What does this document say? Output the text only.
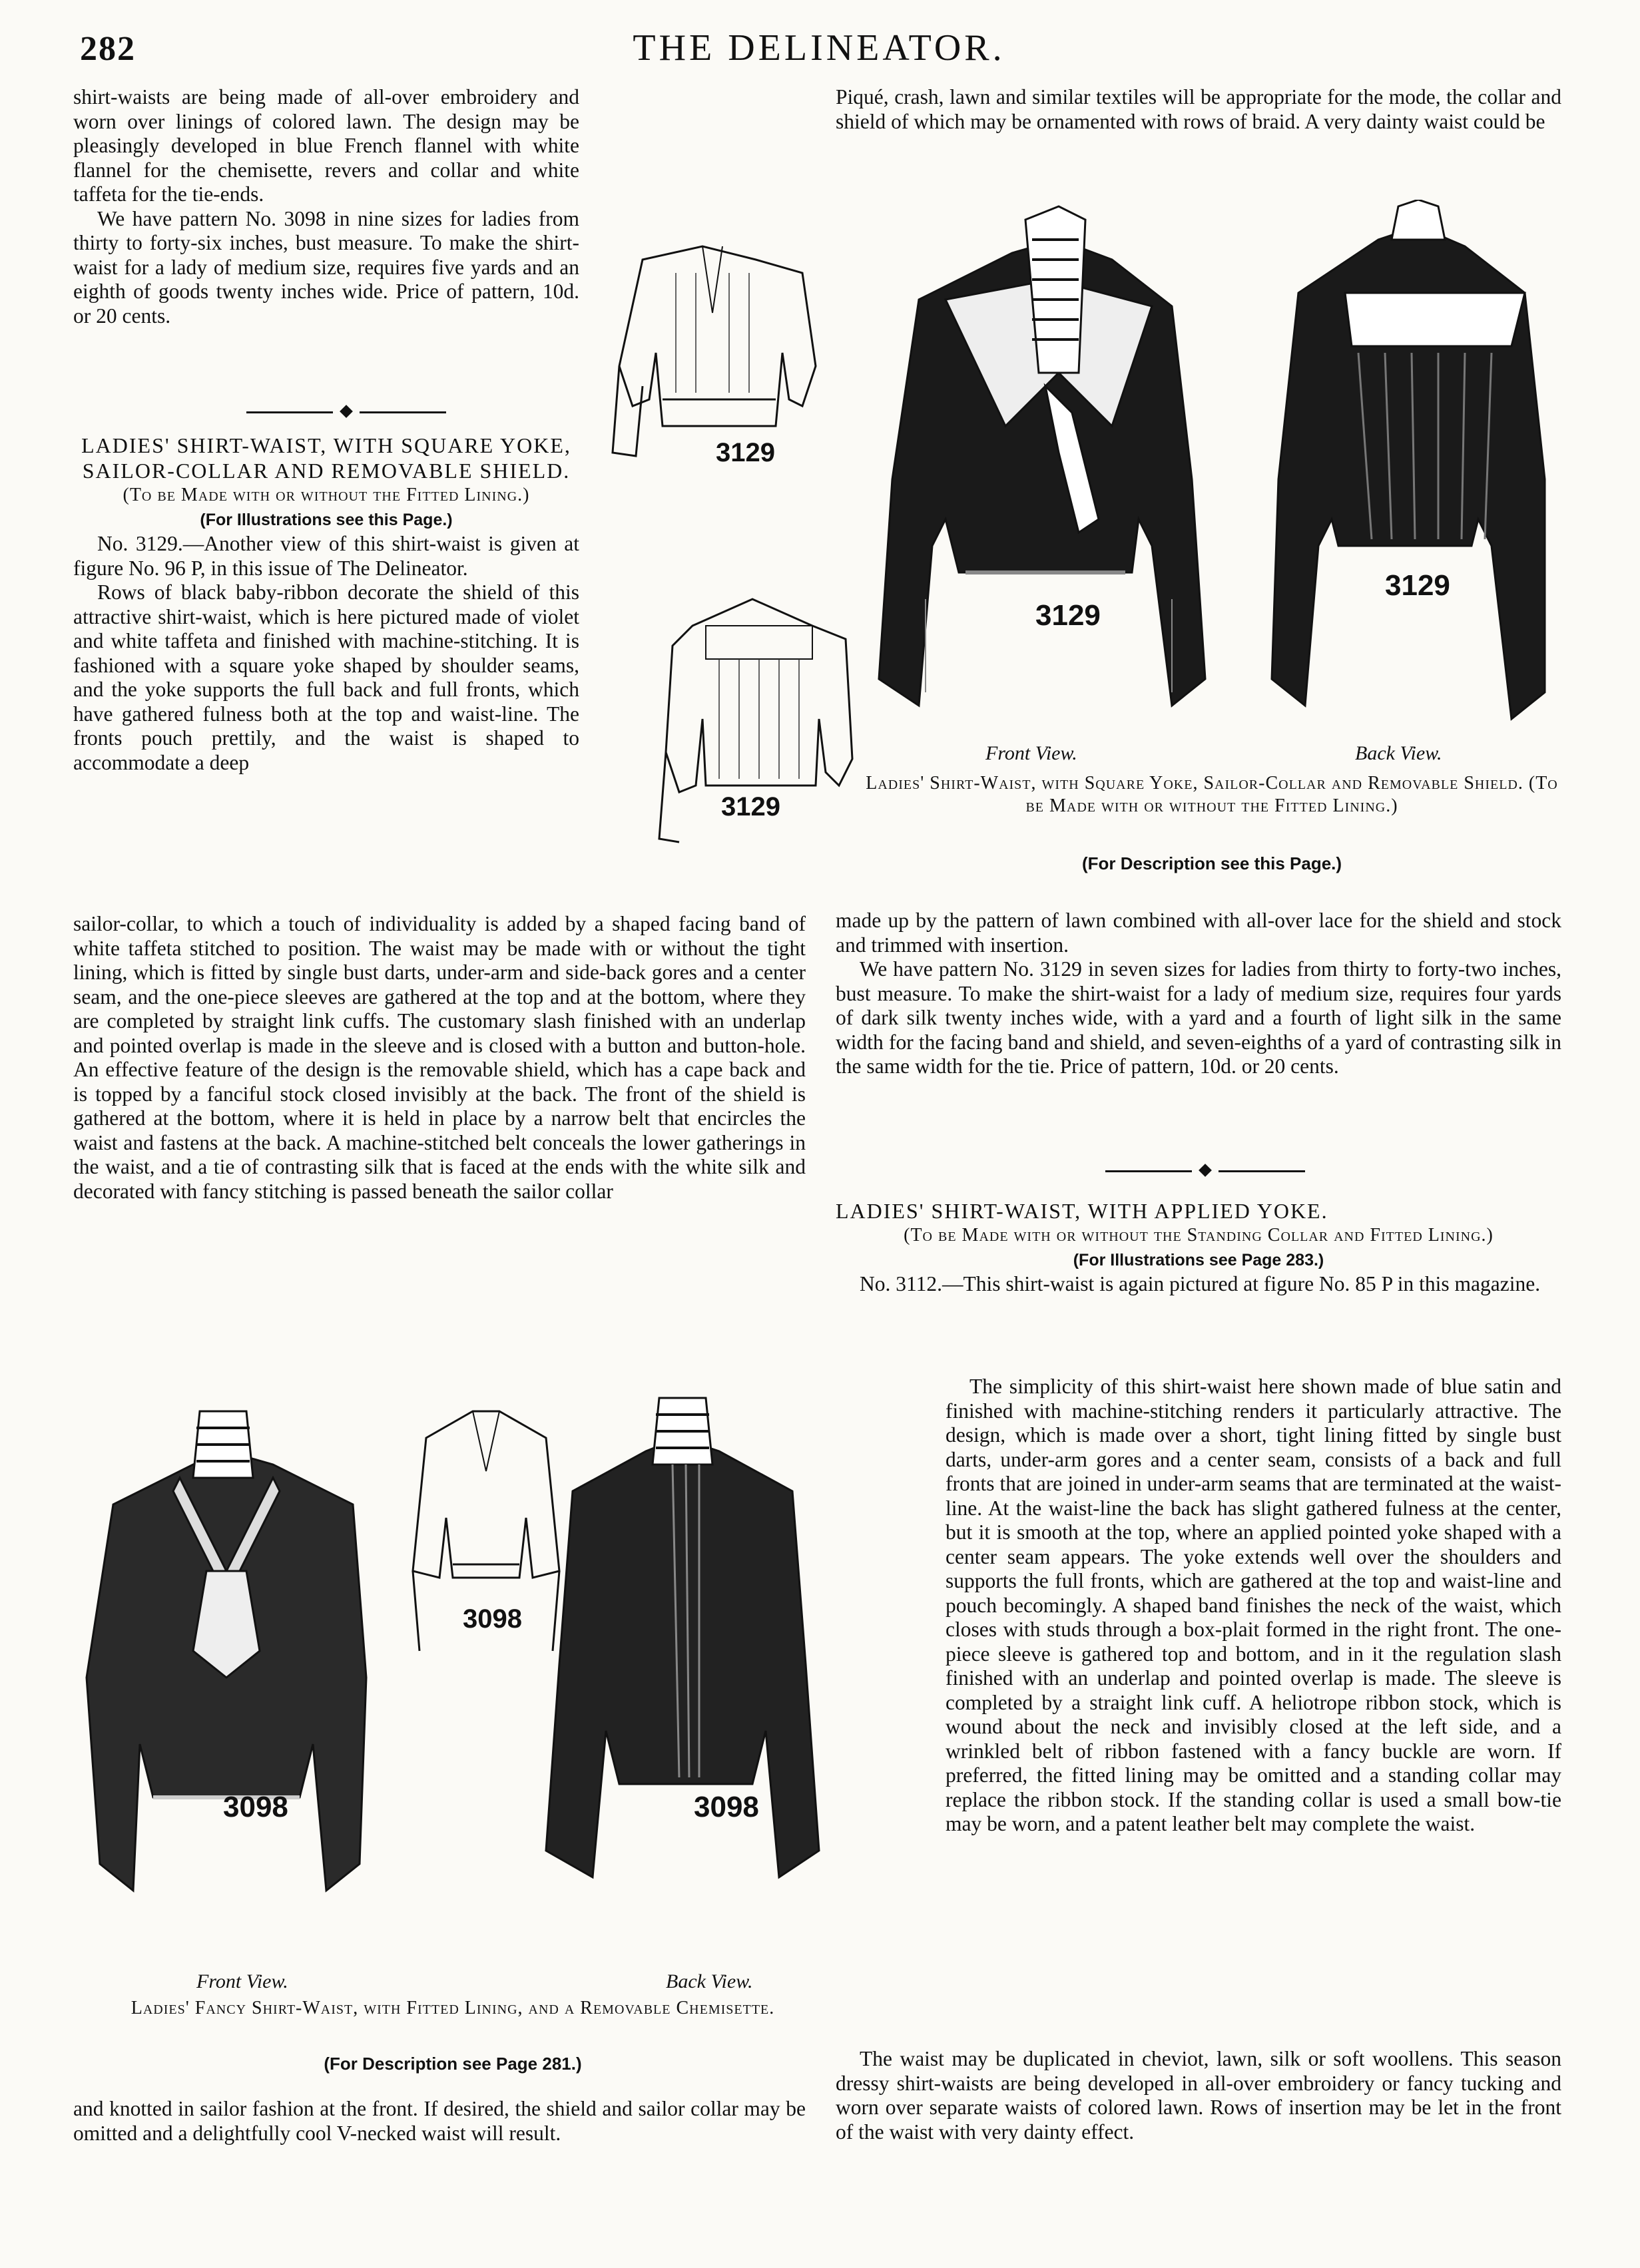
282	THE DELINEATOR.

shirt-waists are being made of all-over embroidery and worn over linings of colored lawn. The design may be pleasingly developed in blue French flannel with white flannel for the chemisette, revers and collar and white taffeta for the tie-ends.

We have pattern No. 3098 in nine sizes for ladies from thirty to forty-six inches, bust measure. To make the shirt-waist for a lady of medium size, requires five yards and an eighth of goods twenty inches wide. Price of pattern, 10d. or 20 cents.

LADIES' SHIRT-WAIST, WITH SQUARE YOKE, SAILOR-COLLAR AND REMOVABLE SHIELD.

(To be Made with or without the Fitted Lining.)

(For Illustrations see this Page.)

No. 3129.—Another view of this shirt-waist is given at figure No. 96 P, in this issue of The Delineator.

Rows of black baby-ribbon decorate the shield of this attractive shirt-waist, which is here pictured made of violet and white taffeta and finished with machine-stitching. It is fashioned with a square yoke shaped by shoulder seams, and the yoke supports the full back and full fronts, which have gathered fulness both at the top and waist-line. The fronts pouch prettily, and the waist is shaped to accommodate a deep

sailor-collar, to which a touch of individuality is added by a shaped facing band of white taffeta stitched to position. The waist may be made with or without the tight lining, which is fitted by single bust darts, under-arm and side-back gores and a center seam, and the one-piece sleeves are gathered at the top and at the bottom, where they are completed by straight link cuffs. The customary slash finished with an underlap and pointed overlap is made in the sleeve and is closed with a button and button-hole. An effective feature of the design is the removable shield, which has a cape back and is topped by a fanciful stock closed invisibly at the back. The front of the shield is gathered at the bottom, where it is held in place by a narrow belt that encircles the waist and fastens at the back. A machine-stitched belt conceals the lower gatherings in the waist, and a tie of contrasting silk that is faced at the ends with the white silk and decorated with fancy stitching is passed beneath the sailor collar

and knotted in sailor fashion at the front. If desired, the shield and sailor collar may be omitted and a delightfully cool V-necked waist will result.

3129
3129

Piqué, crash, lawn and similar textiles will be appropriate for the mode, the collar and shield of which may be ornamented with rows of braid. A very dainty waist could be

3129
3129
Front View.	Back View.
Ladies' Shirt-Waist, with Square Yoke, Sailor-Collar and Removable Shield. (To be Made with or without the Fitted Lining.)
(For Description see this Page.)

made up by the pattern of lawn combined with all-over lace for the shield and stock and trimmed with insertion.

We have pattern No. 3129 in seven sizes for ladies from thirty to forty-two inches, bust measure. To make the shirt-waist for a lady of medium size, requires four yards of dark silk twenty inches wide, with a yard and a fourth of light silk in the same width for the facing band and shield, and seven-eighths of a yard of contrasting silk in the same width for the tie. Price of pattern, 10d. or 20 cents.

LADIES' SHIRT-WAIST, WITH APPLIED YOKE.

(To be Made with or without the Standing Collar and Fitted Lining.)

(For Illustrations see Page 283.)

No. 3112.—This shirt-waist is again pictured at figure No. 85 P in this magazine.

The simplicity of this shirt-waist here shown made of blue satin and finished with machine-stitching renders it particularly attractive. The design, which is made over a short, tight lining fitted by single bust darts, under-arm gores and a center seam, consists of a back and full fronts that are joined in under-arm seams that are terminated at the waist-line. At the waist-line the back has slight gathered fulness at the center, but it is smooth at the top, where an applied pointed yoke shaped with a center seam appears. The yoke extends well over the shoulders and supports the full fronts, which are gathered at the top and waist-line and pouch becomingly. A shaped band finishes the neck of the waist, which closes with studs through a box-plait formed in the right front. The one-piece sleeve is gathered top and bottom, and in it the regulation slash finished with an underlap and pointed overlap is made. The sleeve is completed by a straight link cuff. A heliotrope ribbon stock, which is wound about the neck and invisibly closed at the left side, and a wrinkled belt of ribbon fastened with a fancy buckle are worn. If preferred, the fitted lining may be omitted and a standing collar may replace the ribbon stock. If the standing collar is used a small bow-tie may be worn, and a patent leather belt may complete the waist.

The waist may be duplicated in cheviot, lawn, silk or soft woollens. This season dressy shirt-waists are being developed in all-over embroidery or fancy tucking and worn over separate waists of colored lawn. Rows of insertion may be let in the front of the waist with very dainty effect.

3098
3098
3098
Front View.	Back View.
Ladies' Fancy Shirt-Waist, with Fitted Lining, and a Removable Chemisette.
(For Description see Page 281.)
